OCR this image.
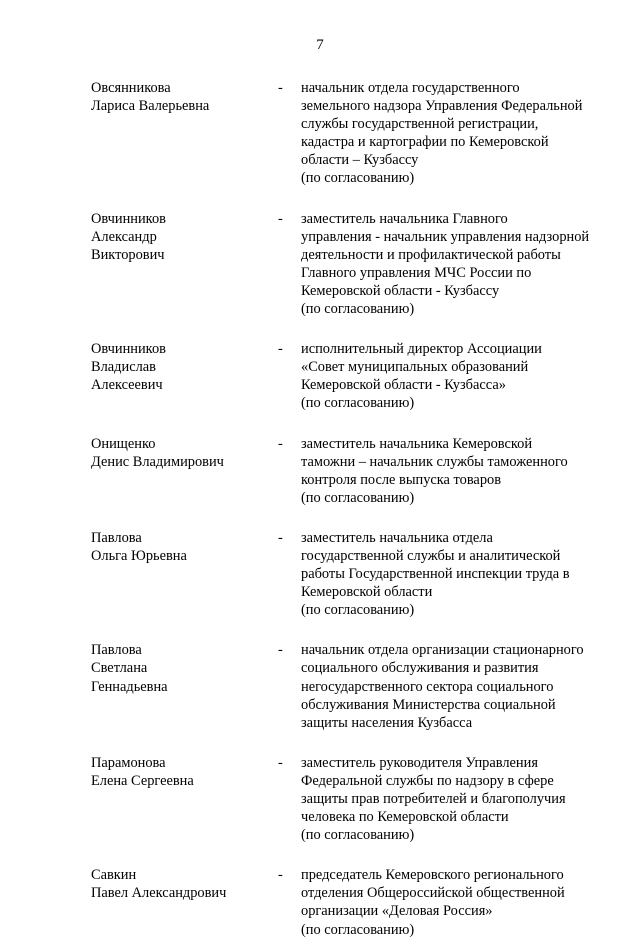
7
Овсянникова
Лариса Валерьевна
- начальник отдела государственного
земельного надзора Управления Федеральной
службы государственной регистрации,
кадастра и картографии по Кемеровской
области – Кузбассу
(по согласованию)
Овчинников
Александр
Викторович
- заместитель начальника Главного
управления - начальник управления надзорной
деятельности и профилактической работы
Главного управления МЧС России по
Кемеровской области - Кузбассу
(по согласованию)
Овчинников
Владислав
Алексеевич
- исполнительный директор Ассоциации
«Совет муниципальных образований
Кемеровской области - Кузбасса»
(по согласованию)
Онищенко
Денис Владимирович
- заместитель начальника Кемеровской
таможни – начальник службы таможенного
контроля после выпуска товаров
(по согласованию)
Павлова
Ольга Юрьевна
- заместитель начальника отдела
государственной службы и аналитической
работы Государственной инспекции труда в
Кемеровской области
(по согласованию)
Павлова
Светлана
Геннадьевна
- начальник отдела организации стационарного
социального обслуживания и развития
негосударственного сектора социального
обслуживания Министерства социальной
защиты населения Кузбасса
Парамонова
Елена Сергеевна
- заместитель руководителя Управления
Федеральной службы по надзору в сфере
защиты прав потребителей и благополучия
человека по Кемеровской области
(по согласованию)
Савкин
Павел Александрович
- председатель Кемеровского регионального
отделения Общероссийской общественной
организации «Деловая Россия»
(по согласованию)
